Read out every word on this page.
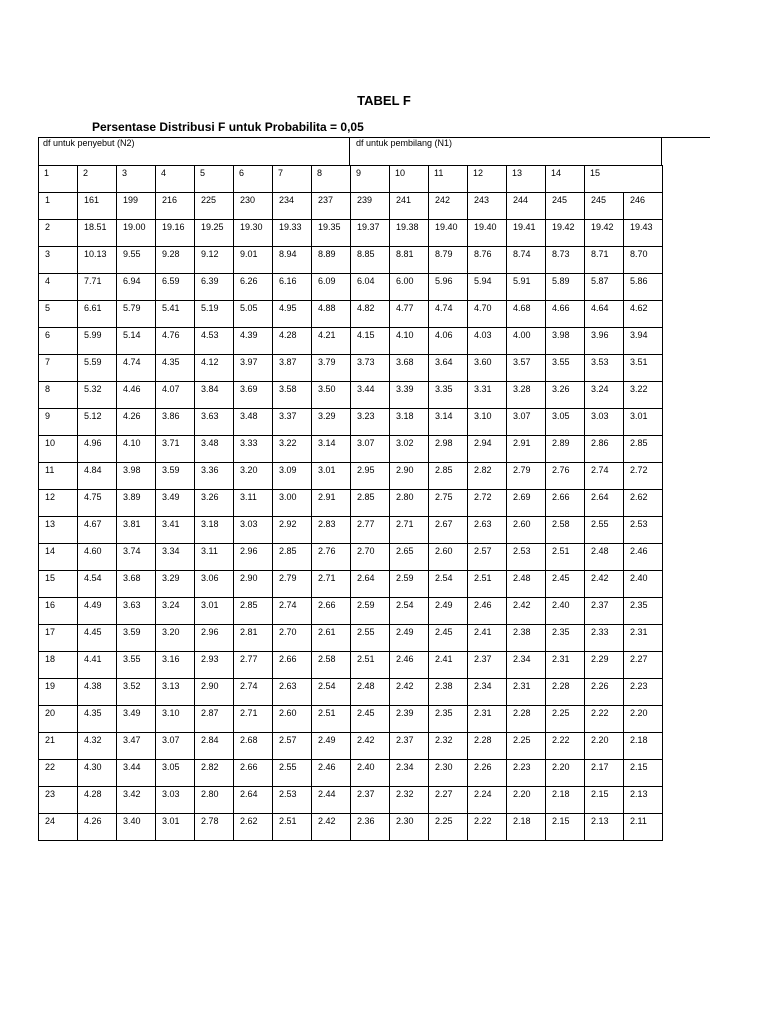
TABEL F
Persentase Distribusi F untuk Probabilita = 0,05
df untuk penyebut (N2)	df untuk pembilang (N1)
1	2	3	4	5	6	7	8	9	10	11	12	13	14	15	
1	161	199	216	225	230	234	237	239	241	242	243	244	245	245	246
2	18.51	19.00	19.16	19.25	19.30	19.33	19.35	19.37	19.38	19.40	19.40	19.41	19.42	19.42	19.43
3	10.13	9.55	9.28	9.12	9.01	8.94	8.89	8.85	8.81	8.79	8.76	8.74	8.73	8.71	8.70
4	7.71	6.94	6.59	6.39	6.26	6.16	6.09	6.04	6.00	5.96	5.94	5.91	5.89	5.87	5.86
5	6.61	5.79	5.41	5.19	5.05	4.95	4.88	4.82	4.77	4.74	4.70	4.68	4.66	4.64	4.62
6	5.99	5.14	4.76	4.53	4.39	4.28	4.21	4.15	4.10	4.06	4.03	4.00	3.98	3.96	3.94
7	5.59	4.74	4.35	4.12	3.97	3.87	3.79	3.73	3.68	3.64	3.60	3.57	3.55	3.53	3.51
8	5.32	4.46	4.07	3.84	3.69	3.58	3.50	3.44	3.39	3.35	3.31	3.28	3.26	3.24	3.22
9	5.12	4.26	3.86	3.63	3.48	3.37	3.29	3.23	3.18	3.14	3.10	3.07	3.05	3.03	3.01
10	4.96	4.10	3.71	3.48	3.33	3.22	3.14	3.07	3.02	2.98	2.94	2.91	2.89	2.86	2.85
11	4.84	3.98	3.59	3.36	3.20	3.09	3.01	2.95	2.90	2.85	2.82	2.79	2.76	2.74	2.72
12	4.75	3.89	3.49	3.26	3.11	3.00	2.91	2.85	2.80	2.75	2.72	2.69	2.66	2.64	2.62
13	4.67	3.81	3.41	3.18	3.03	2.92	2.83	2.77	2.71	2.67	2.63	2.60	2.58	2.55	2.53
14	4.60	3.74	3.34	3.11	2.96	2.85	2.76	2.70	2.65	2.60	2.57	2.53	2.51	2.48	2.46
15	4.54	3.68	3.29	3.06	2.90	2.79	2.71	2.64	2.59	2.54	2.51	2.48	2.45	2.42	2.40
16	4.49	3.63	3.24	3.01	2.85	2.74	2.66	2.59	2.54	2.49	2.46	2.42	2.40	2.37	2.35
17	4.45	3.59	3.20	2.96	2.81	2.70	2.61	2.55	2.49	2.45	2.41	2.38	2.35	2.33	2.31
18	4.41	3.55	3.16	2.93	2.77	2.66	2.58	2.51	2.46	2.41	2.37	2.34	2.31	2.29	2.27
19	4.38	3.52	3.13	2.90	2.74	2.63	2.54	2.48	2.42	2.38	2.34	2.31	2.28	2.26	2.23
20	4.35	3.49	3.10	2.87	2.71	2.60	2.51	2.45	2.39	2.35	2.31	2.28	2.25	2.22	2.20
21	4.32	3.47	3.07	2.84	2.68	2.57	2.49	2.42	2.37	2.32	2.28	2.25	2.22	2.20	2.18
22	4.30	3.44	3.05	2.82	2.66	2.55	2.46	2.40	2.34	2.30	2.26	2.23	2.20	2.17	2.15
23	4.28	3.42	3.03	2.80	2.64	2.53	2.44	2.37	2.32	2.27	2.24	2.20	2.18	2.15	2.13
24	4.26	3.40	3.01	2.78	2.62	2.51	2.42	2.36	2.30	2.25	2.22	2.18	2.15	2.13	2.11
